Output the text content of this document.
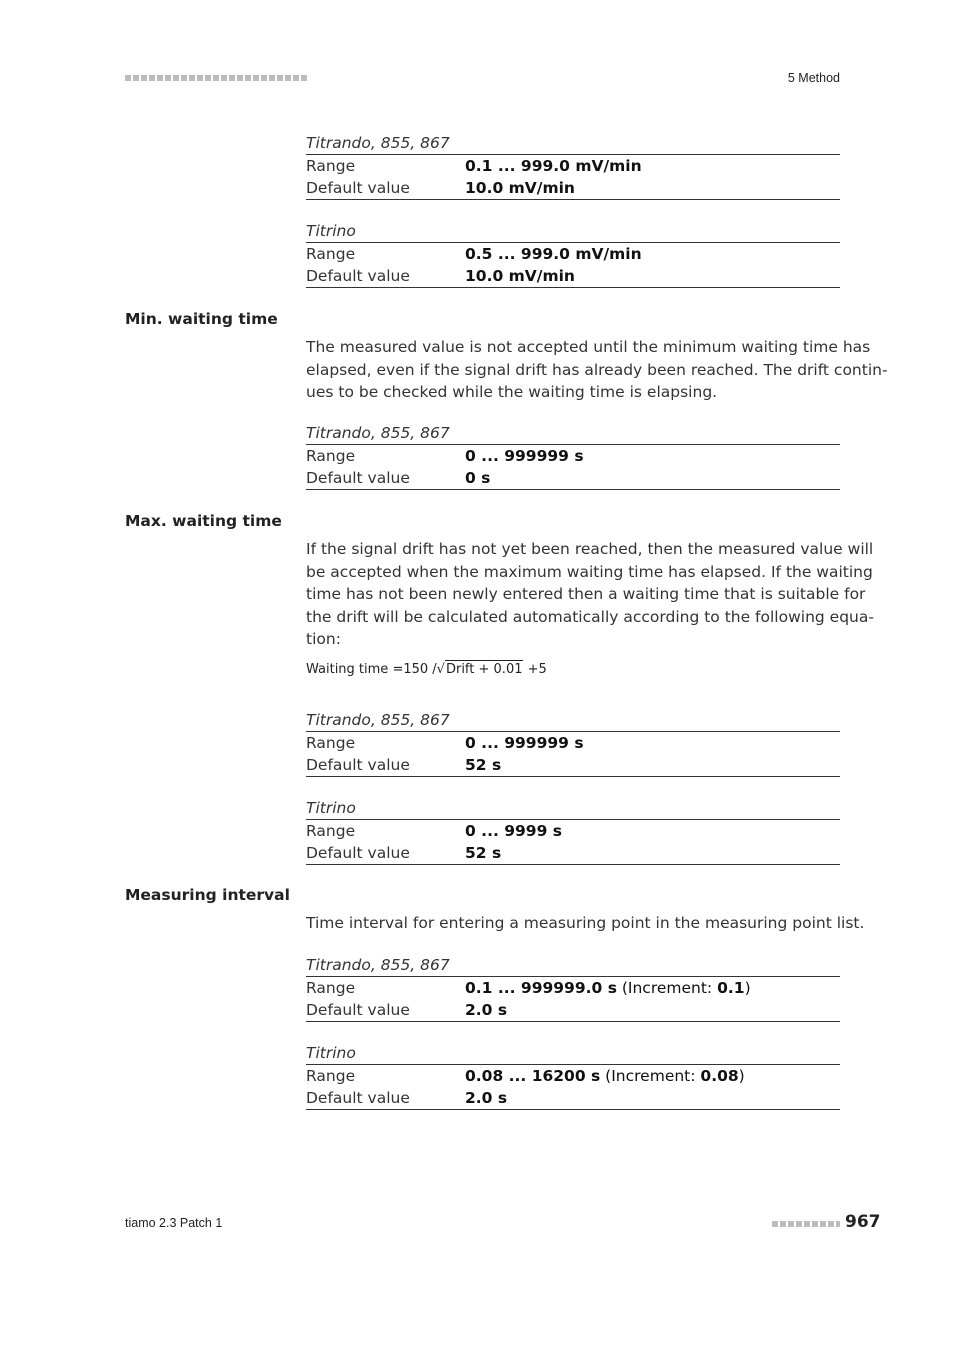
5 Method
Titrando, 855, 867
Range	0.1 ... 999.0 mV/min
Default value	10.0 mV/min
Titrino
Range	0.5 ... 999.0 mV/min
Default value	10.0 mV/min
Min. waiting time
The measured value is not accepted until the minimum waiting time has
elapsed, even if the signal drift has already been reached. The drift contin-
ues to be checked while the waiting time is elapsing.
Titrando, 855, 867
Range	0 ... 999999 s
Default value	0 s
Max. waiting time
If the signal drift has not yet been reached, then the measured value will
be accepted when the maximum waiting time has elapsed. If the waiting
time has not been newly entered then a waiting time that is suitable for
the drift will be calculated automatically according to the following equa-
tion:
Waiting time =150 /√Drift + 0.01 +5
Titrando, 855, 867
Range	0 ... 999999 s
Default value	52 s
Titrino
Range	0 ... 9999 s
Default value	52 s
Measuring interval
Time interval for entering a measuring point in the measuring point list.
Titrando, 855, 867
Range	0.1 ... 999999.0 s (Increment: 0.1)
Default value	2.0 s
Titrino
Range	0.08 ... 16200 s (Increment: 0.08)
Default value	2.0 s
tiamo 2.3 Patch 1	967
